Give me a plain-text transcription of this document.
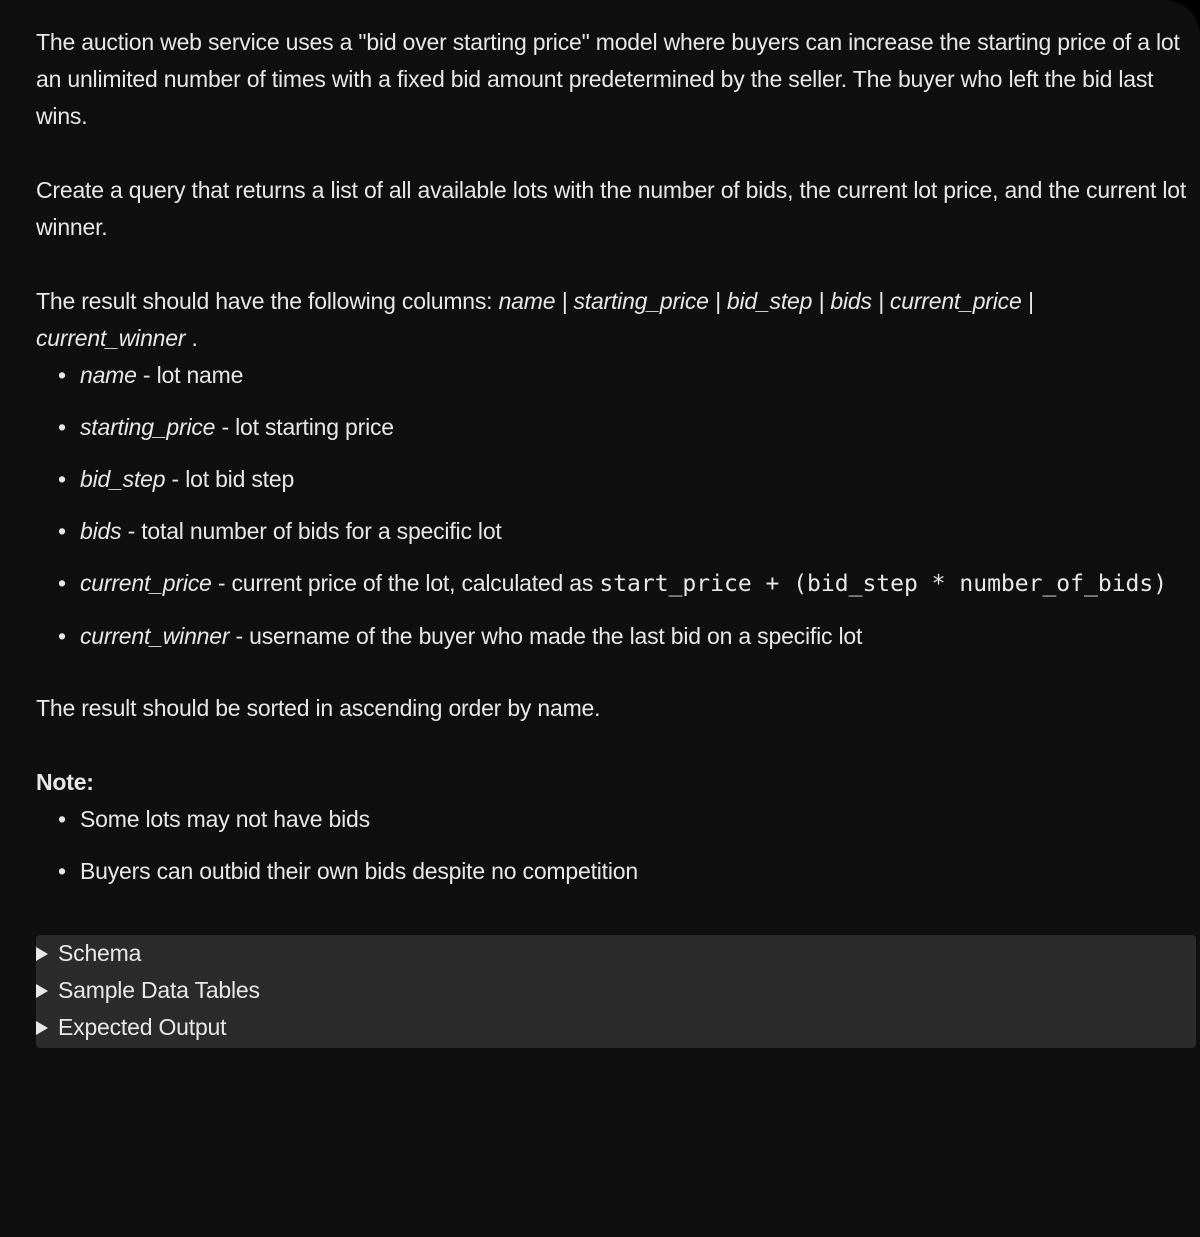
The auction web service uses a "bid over starting price" model where buyers can increase the starting price of a lot an unlimited number of times with a fixed bid amount predetermined by the seller. The buyer who left the bid last wins.

Create a query that returns a list of all available lots with the number of bids, the current lot price, and the current lot winner.

The result should have the following columns: name | starting_price | bid_step | bids | current_price | current_winner .

• name - lot name
• starting_price - lot starting price
• bid_step - lot bid step
• bids - total number of bids for a specific lot
• current_price - current price of the lot, calculated as start_price + (bid_step * number_of_bids)
• current_winner - username of the buyer who made the last bid on a specific lot

The result should be sorted in ascending order by name.

Note:

• Some lots may not have bids
• Buyers can outbid their own bids despite no competition
Schema
Sample Data Tables
Expected Output
